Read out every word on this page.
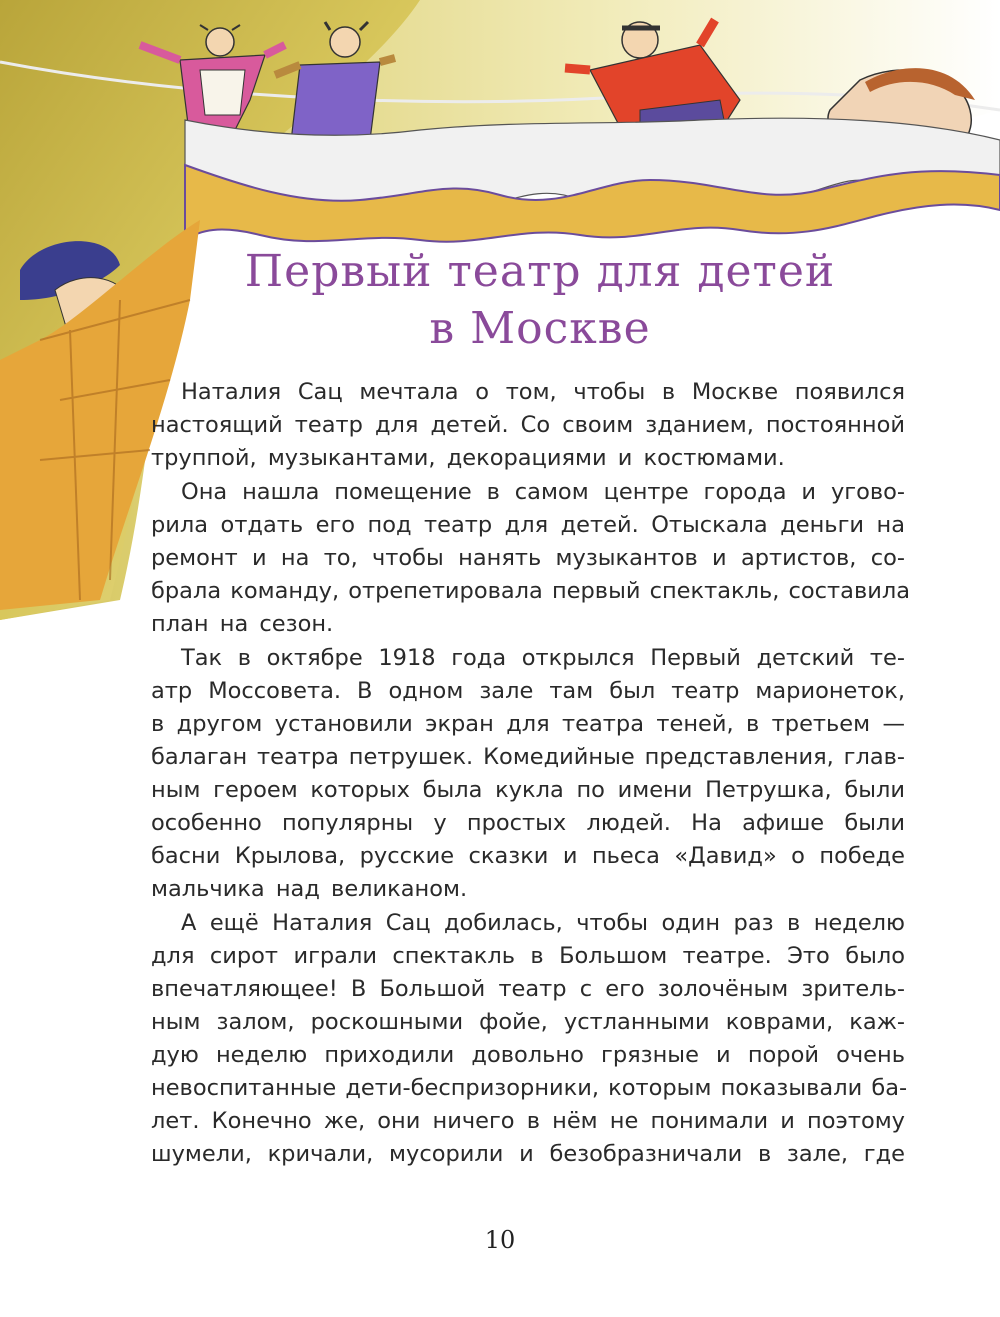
Первый театр для детей
в Москве
Наталия Сац мечтала о том, чтобы в Москве появился
настоящий театр для детей. Со своим зданием, постоянной
труппой, музыкантами, декорациями и костюмами.
Она нашла помещение в самом центре города и угово-
рила отдать его под театр для детей. Отыскала деньги на
ремонт и на то, чтобы нанять музыкантов и артистов, со-
брала команду, отрепетировала первый спектакль, составила
план на сезон.
Так в октябре 1918 года открылся Первый детский те-
атр Моссовета. В одном зале там был театр марионеток,
в другом установили экран для театра теней, в третьем —
балаган театра петрушек. Комедийные представления, глав-
ным героем которых была кукла по имени Петрушка, были
особенно популярны у простых людей. На афише были
басни Крылова, русские сказки и пьеса «Давид» о победе
мальчика над великаном.
А ещё Наталия Сац добилась, чтобы один раз в неделю
для сирот играли спектакль в Большом театре. Это было
впечатляющее! В Большой театр с его золочёным зритель-
ным залом, роскошными фойе, устланными коврами, каж-
дую неделю приходили довольно грязные и порой очень
невоспитанные дети-беспризорники, которым показывали ба-
лет. Конечно же, они ничего в нём не понимали и поэтому
шумели, кричали, мусорили и безобразничали в зале, где
10
